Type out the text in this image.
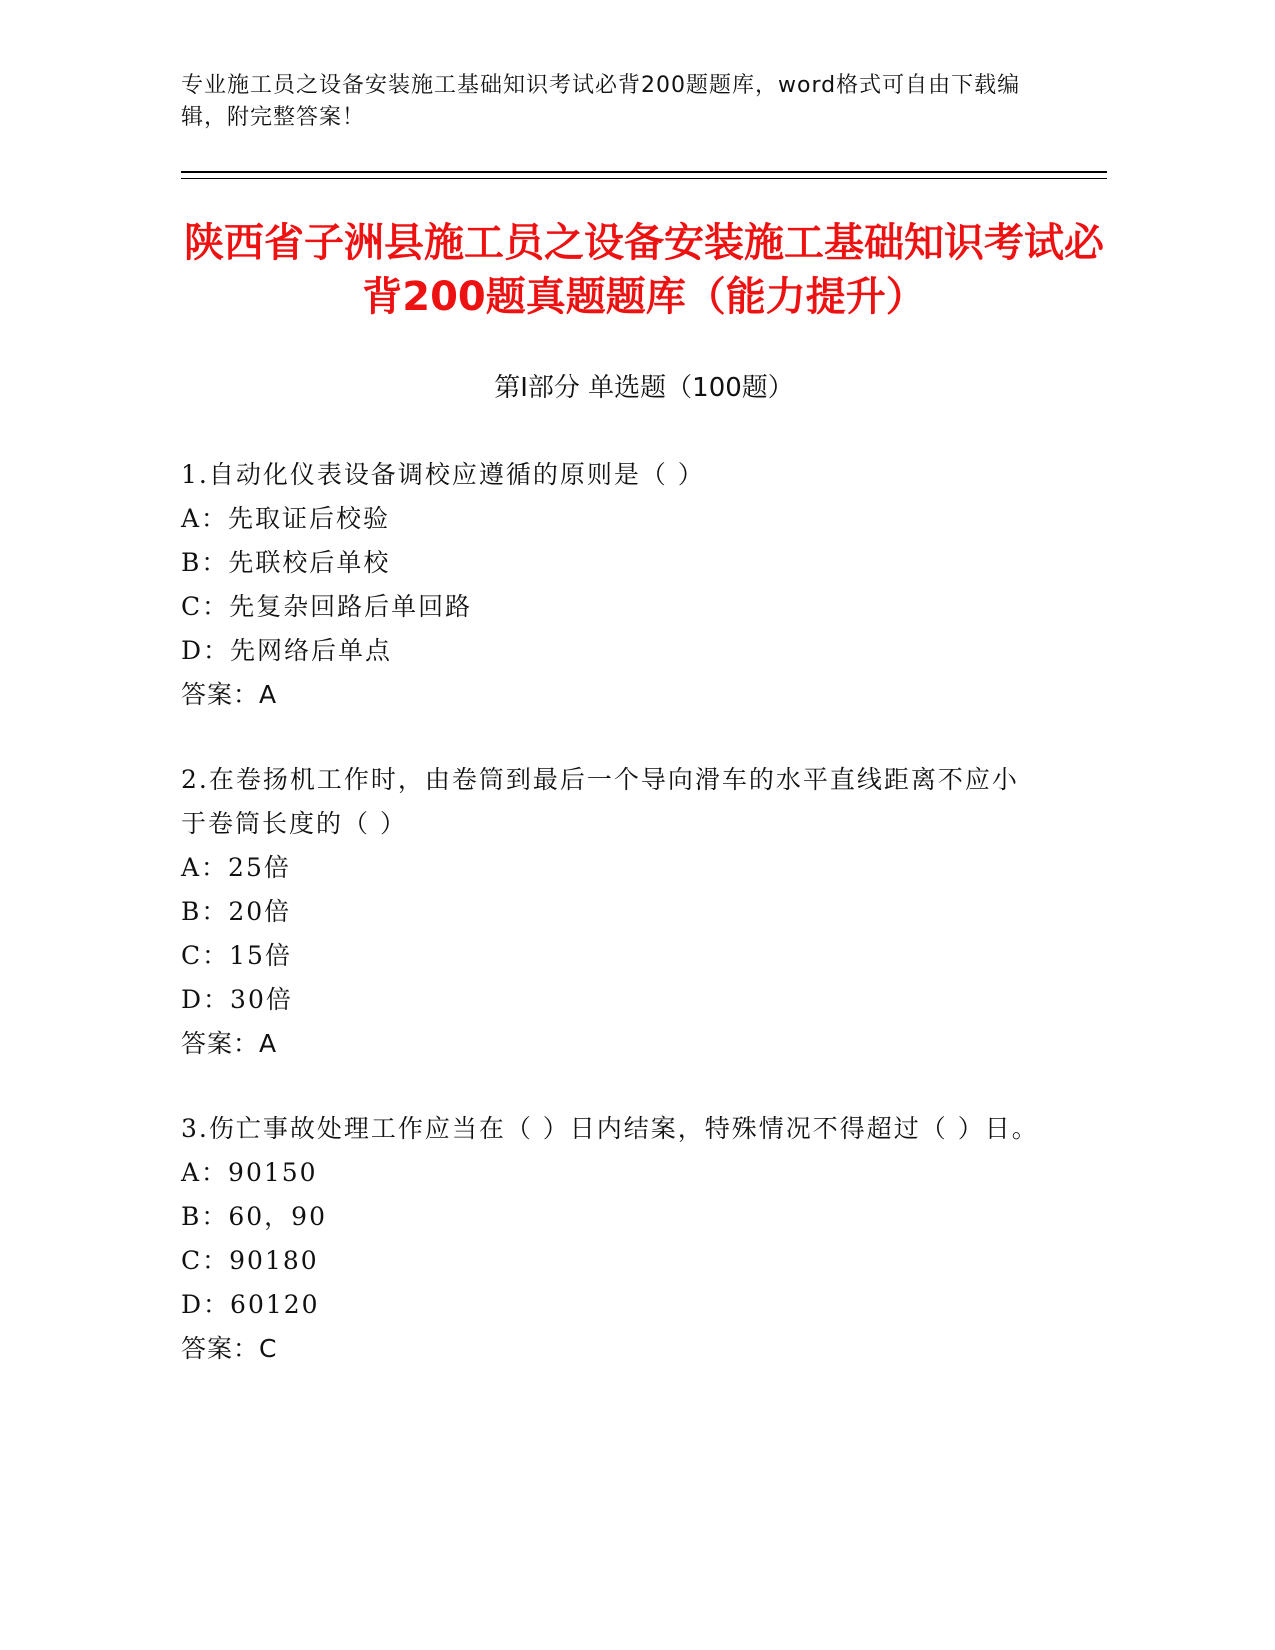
专业施工员之设备安装施工基础知识考试必背200题题库，word格式可自由下载编辑，附完整答案！
陕西省子洲县施工员之设备安装施工基础知识考试必背200题真题题库（能力提升）
第Ⅰ部分 单选题（100题）
1.自动化仪表设备调校应遵循的原则是（ ）
A：先取证后校验
B：先联校后单校
C：先复杂回路后单回路
D：先网络后单点
答案：A
2.在卷扬机工作时，由卷筒到最后一个导向滑车的水平直线距离不应小于卷筒长度的（ ）
A：25倍
B：20倍
C：15倍
D：30倍
答案：A
3.伤亡事故处理工作应当在（ ）日内结案，特殊情况不得超过（ ）日。
A：90150
B：60，90
C：90180
D：60120
答案：C
